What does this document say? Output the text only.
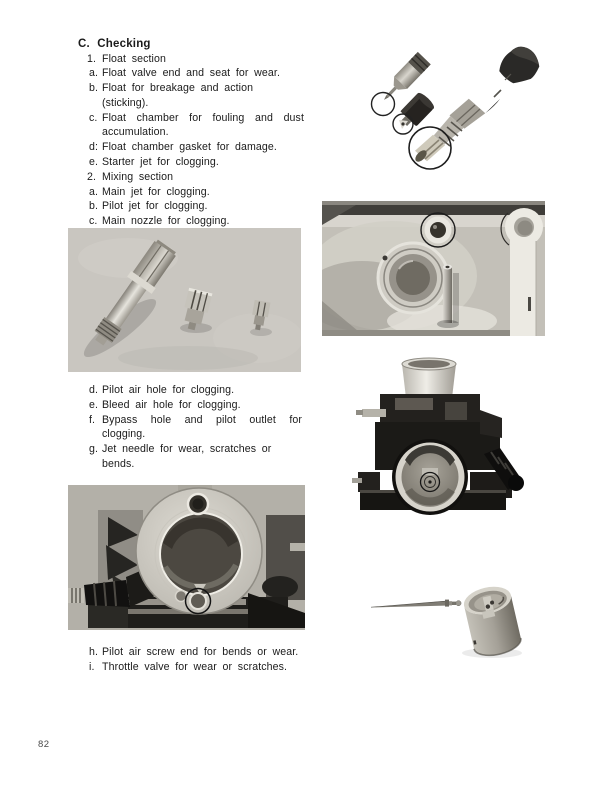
C. Checking
1. Float section
a. Float valve end and seat for wear.
b. Float for breakage and action (sticking).
c. Float chamber for fouling and dust
accumulation.
d: Float chamber gasket for damage.
e. Starter jet for clogging.
2. Mixing section
a. Main jet for clogging.
b. Pilot jet for clogging.
c. Main nozzle for clogging.
d. Pilot air hole for clogging.
e. Bleed air hole for clogging.
f. Bypass hole and pilot outlet for
clogging.
g. Jet needle for wear, scratches or bends.
h. Pilot air screw end for bends or wear.
i. Throttle valve for wear or scratches.
82
